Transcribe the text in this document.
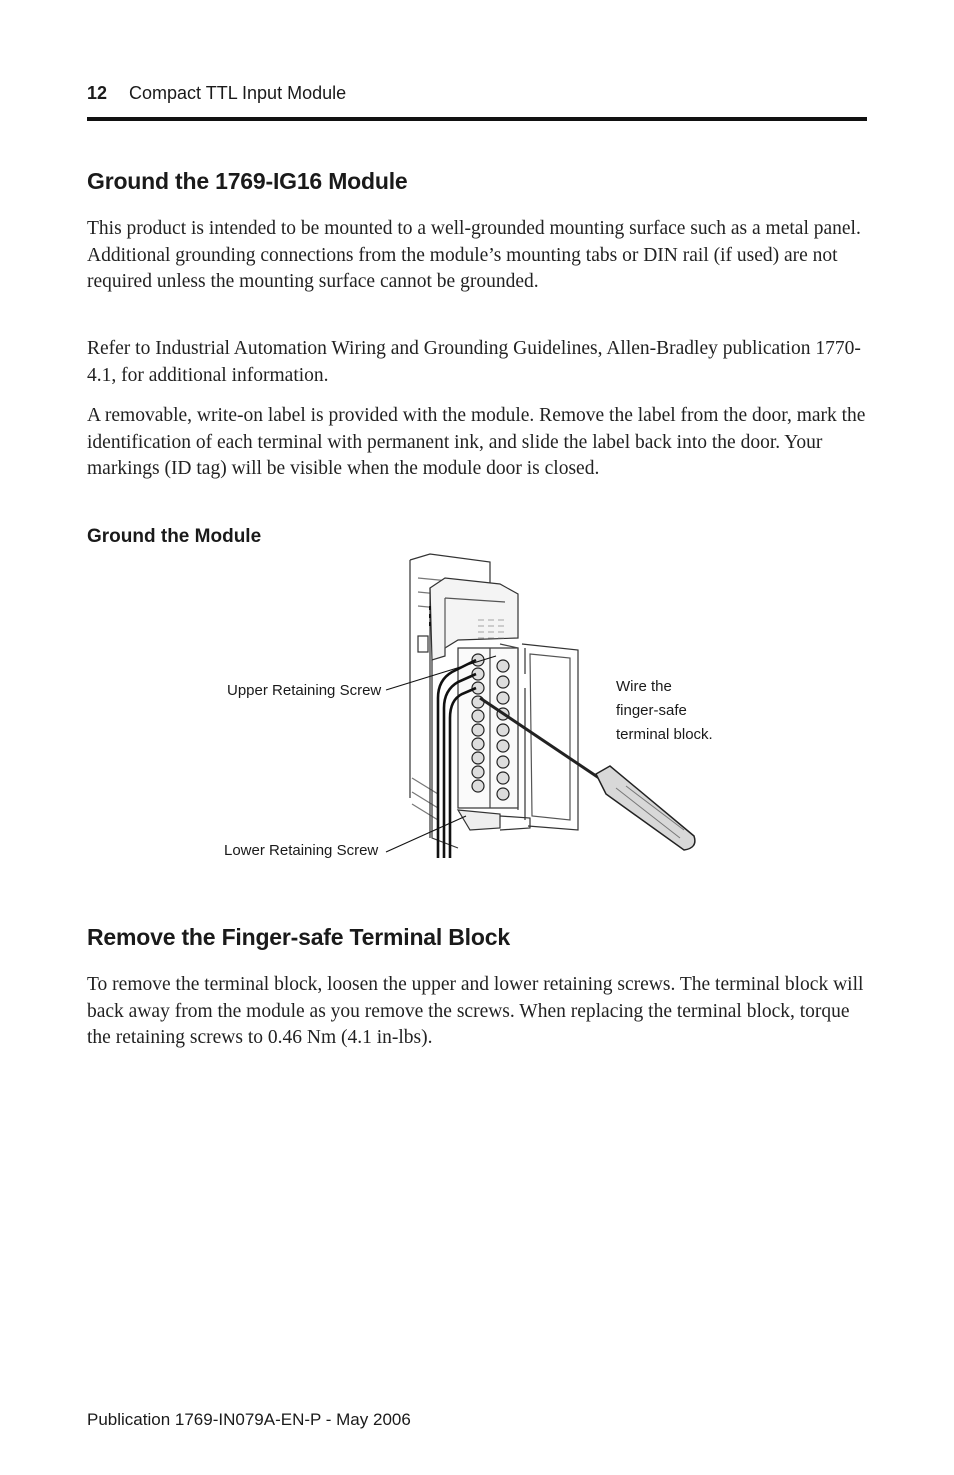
12 Compact TTL Input Module
Ground the 1769-IG16 Module

This product is intended to be mounted to a well-grounded mounting surface such as a metal panel. Additional grounding connections from the module’s mounting tabs or DIN rail (if used) are not required unless the mounting surface cannot be grounded.

Refer to Industrial Automation Wiring and Grounding Guidelines, Allen-Bradley publication 1770-4.1, for additional information.

A removable, write-on label is provided with the module. Remove the label from the door, mark the identification of each terminal with permanent ink, and slide the label back into the door. Your markings (ID tag) will be visible when the module door is closed.

Ground the Module
Upper Retaining Screw
Lower Retaining Screw
Wire the
finger-safe
terminal block.
Remove the Finger-safe Terminal Block

To remove the terminal block, loosen the upper and lower retaining screws. The terminal block will back away from the module as you remove the screws. When replacing the terminal block, torque the retaining screws to 0.46 Nm (4.1 in-lbs).

Publication 1769-IN079A-EN-P - May 2006
